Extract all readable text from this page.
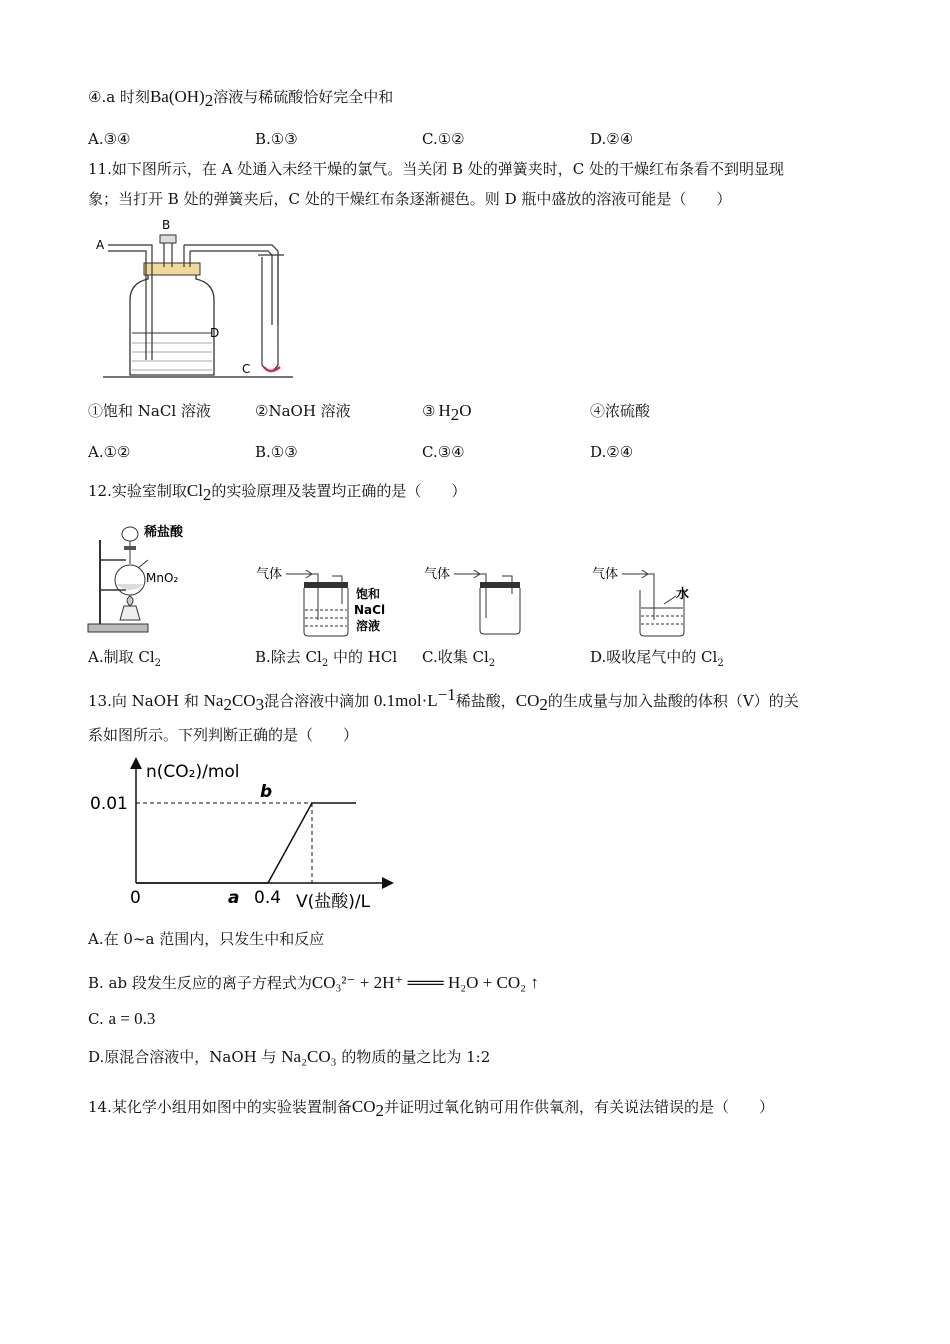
④.a 时刻$Ba(OH)_2$溶液与稀硫酸恰好完全中和
A.③④	B.①③	C.①②	D.②④
11.如下图所示，在 A 处通入未经干燥的氯气。当关闭 B 处的弹簧夹时，C 处的干燥红布条看不到明显现
象；当打开 B 处的弹簧夹后，C 处的干燥红布条逐渐褪色。则 D 瓶中盛放的溶液可能是（　　）
A
B
C
D
①饱和 NaCl 溶液	②NaOH 溶液	③  $H_2O$	④浓硫酸
A.①②	B.①③	C.③④	D.②④
12.实验室制取$Cl_2$的实验原理及装置均正确的是（　　）
稀盐酸
MnO₂	气体
饱和
NaCl
溶液
气体	气体
水
A.制取 $Cl_2$	B.除去 $Cl_2$ 中的 HCl C.收集 $Cl_2$	D.吸收尾气中的 $Cl_2$
13.向 NaOH 和 $Na_2CO_3$混合溶液中滴加 $0.1mol\cdot L^{-1}$稀盐酸，$CO_2$的生成量与加入盐酸的体积（V）的关
系如图所示。下列判断正确的是（　　）
n(CO₂)/mol
0.01
0	a 0.4
b
V(盐酸)/L
A.在 0~a 范围内，只发生中和反应
B. ab 段发生反应的离子方程式为CO₃²⁻ + 2H⁺ ═══ H₂O + CO₂ ↑
C. a = 0.3
D.原混合溶液中，NaOH 与 Na₂CO₃ 的物质的量之比为 1:2
14.某化学小组用如图中的实验装置制备$CO_2$并证明过氧化钠可用作供氧剂，有关说法错误的是（　　）
